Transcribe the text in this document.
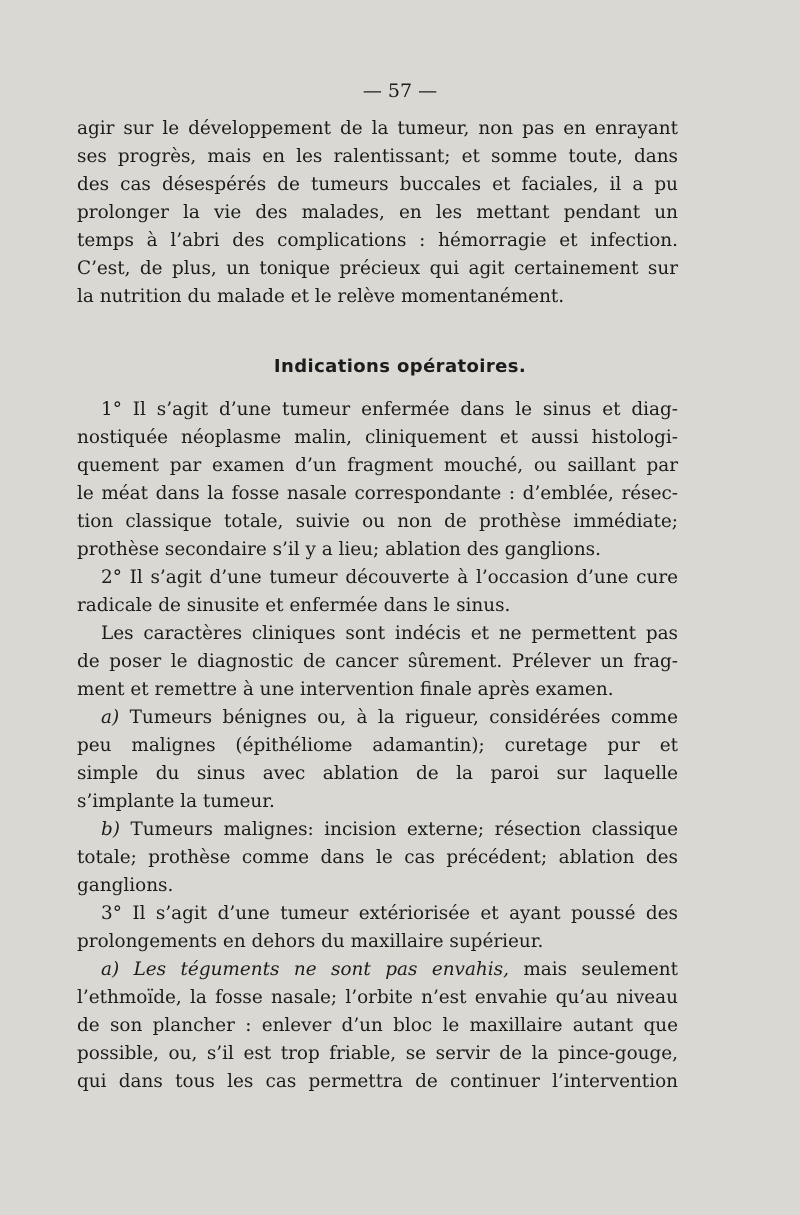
— 57 —
agir sur le développement de la tumeur, non pas en enrayant
ses progrès, mais en les ralentissant; et somme toute, dans
des cas désespérés de tumeurs buccales et faciales, il a pu
prolonger la vie des malades, en les mettant pendant un
temps à l’abri des complications : hémorragie et infection.
C’est, de plus, un tonique précieux qui agit certainement sur
la nutrition du malade et le relève momentanément.
Indications opératoires.
1° Il s’agit d’une tumeur enfermée dans le sinus et diag-
nostiquée néoplasme malin, cliniquement et aussi histologi-
quement par examen d’un fragment mouché, ou saillant par
le méat dans la fosse nasale correspondante : d’emblée, résec-
tion classique totale, suivie ou non de prothèse immédiate;
prothèse secondaire s’il y a lieu; ablation des ganglions.
2° Il s’agit d’une tumeur découverte à l’occasion d’une cure
radicale de sinusite et enfermée dans le sinus.
Les caractères cliniques sont indécis et ne permettent pas
de poser le diagnostic de cancer sûrement. Prélever un frag-
ment et remettre à une intervention finale après examen.
a) Tumeurs bénignes ou, à la rigueur, considérées comme
peu malignes (épithéliome adamantin); curetage pur et
simple du sinus avec ablation de la paroi sur laquelle
s’implante la tumeur.
b) Tumeurs malignes: incision externe; résection classique
totale; prothèse comme dans le cas précédent; ablation des
ganglions.
3° Il s’agit d’une tumeur extériorisée et ayant poussé des
prolongements en dehors du maxillaire supérieur.
a) Les téguments ne sont pas envahis, mais seulement
l’ethmoïde, la fosse nasale; l’orbite n’est envahie qu’au niveau
de son plancher : enlever d’un bloc le maxillaire autant que
possible, ou, s’il est trop friable, se servir de la pince-gouge,
qui dans tous les cas permettra de continuer l’intervention
